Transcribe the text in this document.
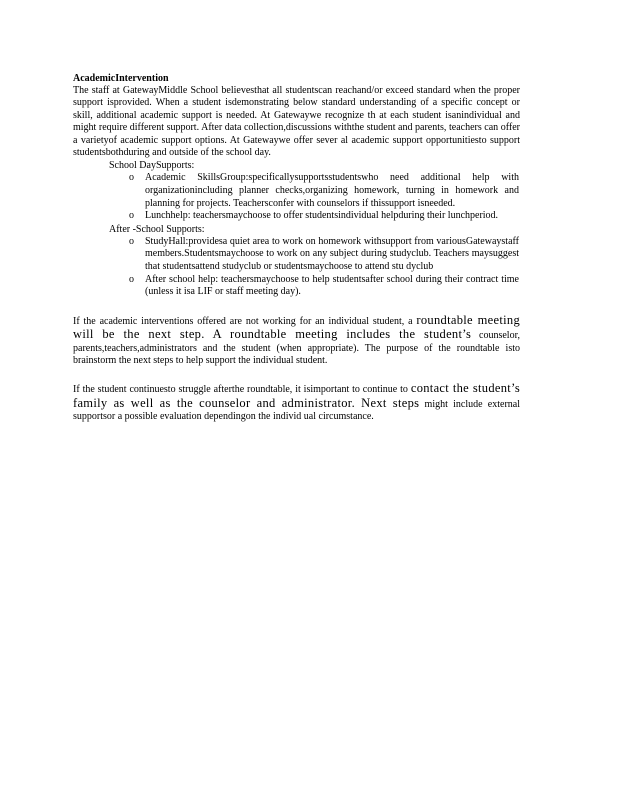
AcademicIntervention

The staff at GatewayMiddle School believesthat all studentscan reachand/or exceed standard when the proper support isprovided. When a student isdemonstrating below standard understanding of a specific concept or skill, additional academic support is needed. At Gatewaywe recognize th at each student isanindividual and might require different support. After data collection,discussions withthe student and parents, teachers can offer a varietyof academic support options. At Gatewaywe offer sever al academic support opportunitiesto support studentsbothduring and outside of the school day.

School DaySupports:
o Academic SkillsGroup:specificallysupportsstudentswho need additional help with organizationincluding planner checks,organizing homework, turning in homework and planning for projects. Teachersconfer with counselors if thissupport isneeded.
o Lunchhelp: teachersmaychoose to offer studentsindividual helpduring their lunchperiod.
After -School Supports:
o StudyHall:providesa quiet area to work on homework withsupport from variousGatewaystaff members.Studentsmaychoose to work on any subject during studyclub. Teachers maysuggest that studentsattend studyclub or studentsmaychoose to attend stu dyclub
o After school help: teachersmaychoose to help studentsafter school during their contract time (unless it isa LIF or staff meeting day).

If the academic interventions offered are not working for an individual student, a roundtable meeting will be the next step. A roundtable meeting includes the student’s counselor, parents,teachers,administrators and the student (when appropriate). The purpose of the roundtable isto brainstorm the next steps to help support the individual student.

If the student continuesto struggle afterthe roundtable, it isimportant to continue to contact the student’s family as well as the counselor and administrator. Next steps might include external supportsor a possible evaluation dependingon the individ ual circumstance.
